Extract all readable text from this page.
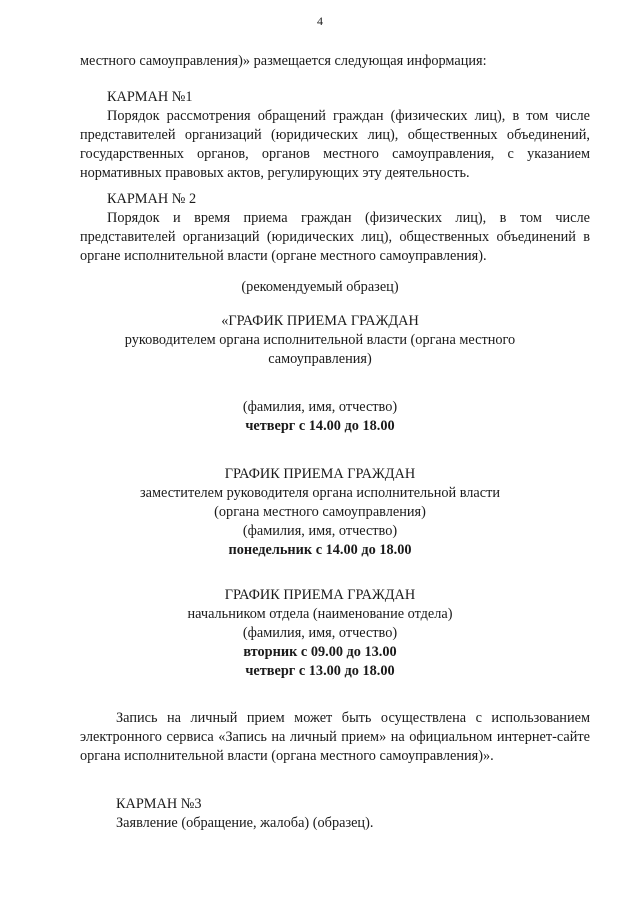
4
местного самоуправления)» размещается следующая информация:
КАРМАН №1
Порядок рассмотрения обращений граждан (физических лиц), в том числе представителей организаций (юридических лиц), общественных объединений, государственных органов, органов местного самоуправления, с указанием нормативных правовых актов, регулирующих эту деятельность.
КАРМАН № 2
Порядок и время приема граждан (физических лиц), в том числе представителей организаций (юридических лиц), общественных объединений в органе исполнительной власти (органе местного самоуправления).
(рекомендуемый образец)
«ГРАФИК ПРИЕМА ГРАЖДАН
руководителем органа исполнительной власти (органа местного
самоуправления)
(фамилия, имя, отчество)
четверг с 14.00 до 18.00
ГРАФИК ПРИЕМА ГРАЖДАН
заместителем руководителя органа исполнительной власти
(органа местного самоуправления)
(фамилия, имя, отчество)
понедельник с 14.00 до 18.00
ГРАФИК ПРИЕМА ГРАЖДАН
начальником отдела (наименование отдела)
(фамилия, имя, отчество)
вторник с 09.00 до 13.00
четверг с 13.00 до 18.00
Запись на личный прием может быть осуществлена с использованием электронного сервиса «Запись на личный прием» на официальном интернет-сайте органа исполнительной власти (органа местного самоуправления)».
КАРМАН №3
Заявление (обращение, жалоба) (образец).
